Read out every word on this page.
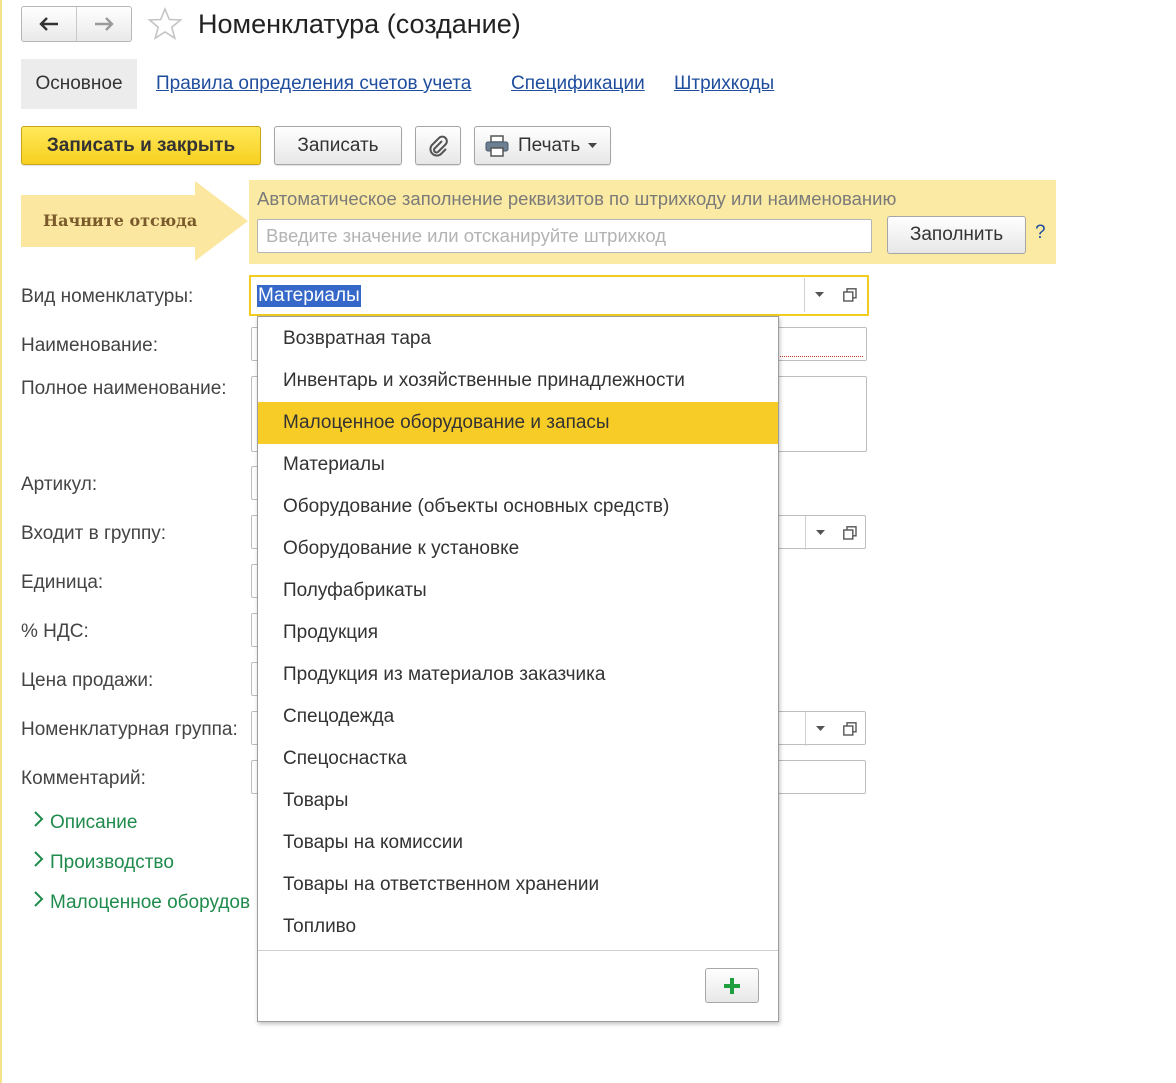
Номенклатура (создание)
Основное	Правила определения счетов учета Спецификации Штрихкоды
Записать и закрыть	Записать	Печать
Начните отсюда
Автоматическое заполнение реквизитов по штрихкоду или наименованию
Введите значение или отсканируйте штрихкод
Заполнить ?
Вид номенклатуры:
Наименование:
Полное наименование:
Артикул:
Входит в группу:
Единица:
% НДС:
Цена продажи:
Номенклатурная группа:
Комментарий:
Описание
Производство
Малоценное оборудов
Материалы
Возвратная тара
Инвентарь и хозяйственные принадлежности
Малоценное оборудование и запасы
Материалы
Оборудование (объекты основных средств)
Оборудование к установке
Полуфабрикаты
Продукция
Продукция из материалов заказчика
Спецодежда
Спецоснастка
Товары
Товары на комиссии
Товары на ответственном хранении
Топливо
